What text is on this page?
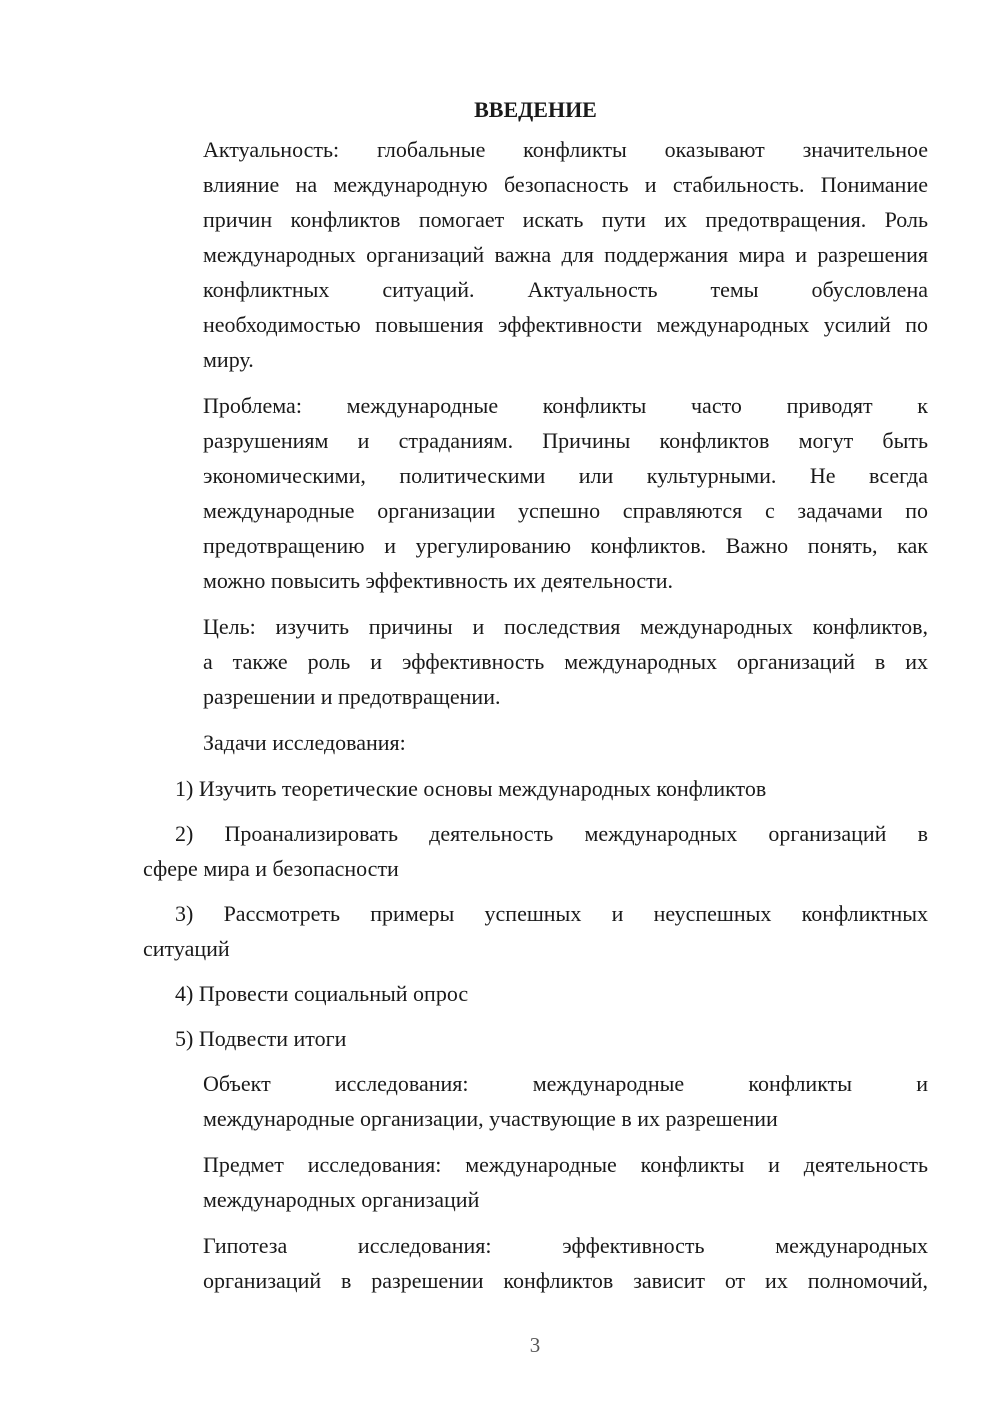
ВВЕДЕНИЕ
Актуальность: глобальные конфликты оказывают значительное
влияние на международную безопасность и стабильность. Понимание
причин конфликтов помогает искать пути их предотвращения. Роль
международных организаций важна для поддержания мира и разрешения
конфликтных ситуаций. Актуальность темы обусловлена
необходимостью повышения эффективности международных усилий по
миру.
Проблема: международные конфликты часто приводят к
разрушениям и страданиям. Причины конфликтов могут быть
экономическими, политическими или культурными. Не всегда
международные организации успешно справляются с задачами по
предотвращению и урегулированию конфликтов. Важно понять, как
можно повысить эффективность их деятельности.
Цель: изучить причины и последствия международных конфликтов,
а также роль и эффективность международных организаций в их
разрешении и предотвращении.
Задачи исследования:
1) Изучить теоретические основы международных конфликтов
2) Проанализировать деятельность международных организаций в
сфере мира и безопасности
3) Рассмотреть примеры успешных и неуспешных конфликтных
ситуаций
4) Провести социальный опрос
5) Подвести итоги
Объект исследования: международные конфликты и
международные организации, участвующие в их разрешении
Предмет исследования: международные конфликты и деятельность
международных организаций
Гипотеза исследования: эффективность международных
организаций в разрешении конфликтов зависит от их полномочий,
3
